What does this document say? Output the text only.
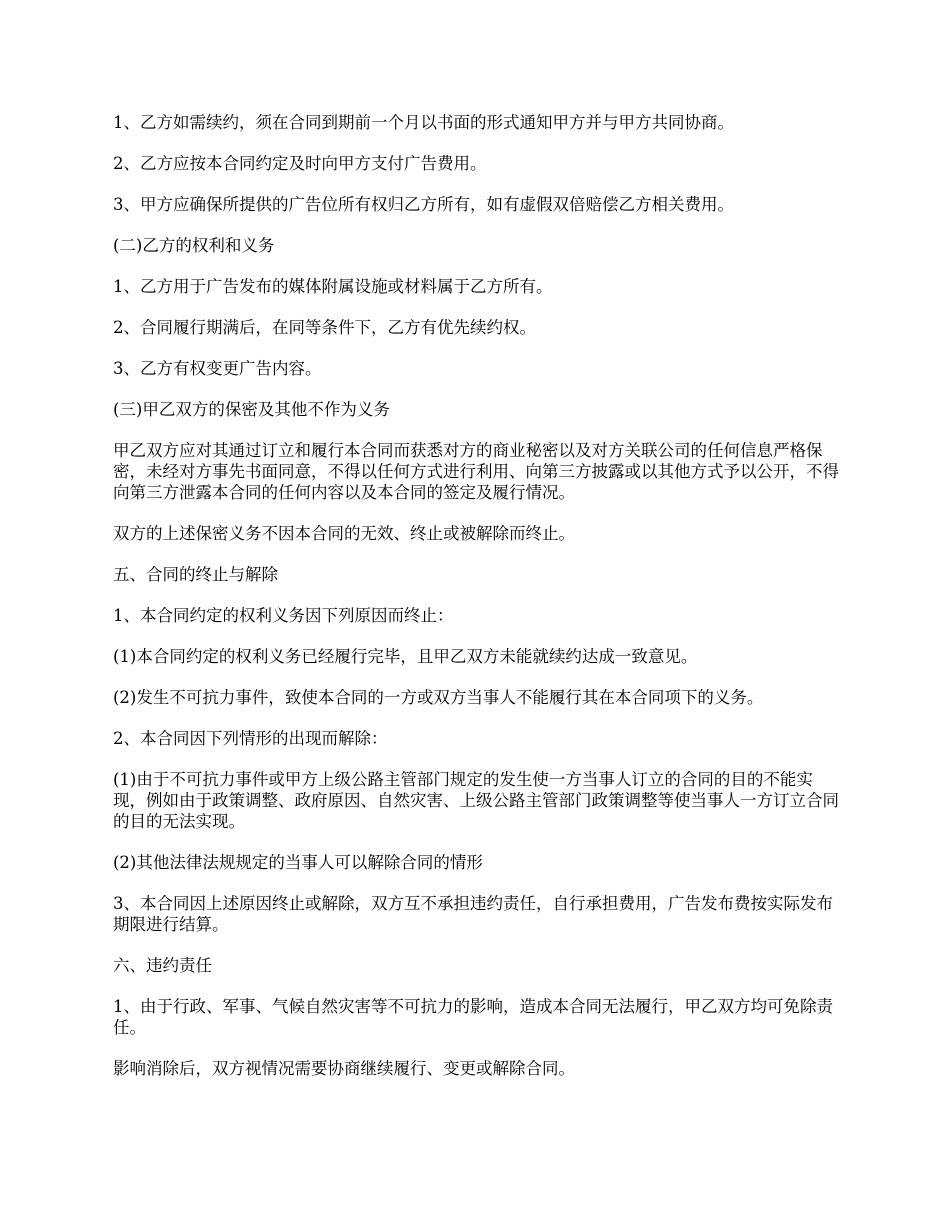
1、乙方如需续约，须在合同到期前一个月以书面的形式通知甲方并与甲方共同协商。

2、乙方应按本合同约定及时向甲方支付广告费用。

3、甲方应确保所提供的广告位所有权归乙方所有，如有虚假双倍赔偿乙方相关费用。

(二)乙方的权利和义务

1、乙方用于广告发布的媒体附属设施或材料属于乙方所有。

2、合同履行期满后，在同等条件下，乙方有优先续约权。

3、乙方有权变更广告内容。

(三)甲乙双方的保密及其他不作为义务

甲乙双方应对其通过订立和履行本合同而获悉对方的商业秘密以及对方关联公司的任何信息严格保密，未经对方事先书面同意，不得以任何方式进行利用、向第三方披露或以其他方式予以公开，不得向第三方泄露本合同的任何内容以及本合同的签定及履行情况。

双方的上述保密义务不因本合同的无效、终止或被解除而终止。

五、合同的终止与解除

1、本合同约定的权利义务因下列原因而终止：

(1)本合同约定的权利义务已经履行完毕，且甲乙双方未能就续约达成一致意见。

(2)发生不可抗力事件，致使本合同的一方或双方当事人不能履行其在本合同项下的义务。

2、本合同因下列情形的出现而解除：

(1)由于不可抗力事件或甲方上级公路主管部门规定的发生使一方当事人订立的合同的目的不能实现，例如由于政策调整、政府原因、自然灾害、上级公路主管部门政策调整等使当事人一方订立合同的目的无法实现。

(2)其他法律法规规定的当事人可以解除合同的情形

3、本合同因上述原因终止或解除，双方互不承担违约责任，自行承担费用，广告发布费按实际发布期限进行结算。

六、违约责任

1、由于行政、军事、气候自然灾害等不可抗力的影响，造成本合同无法履行，甲乙双方均可免除责任。

影响消除后，双方视情况需要协商继续履行、变更或解除合同。
